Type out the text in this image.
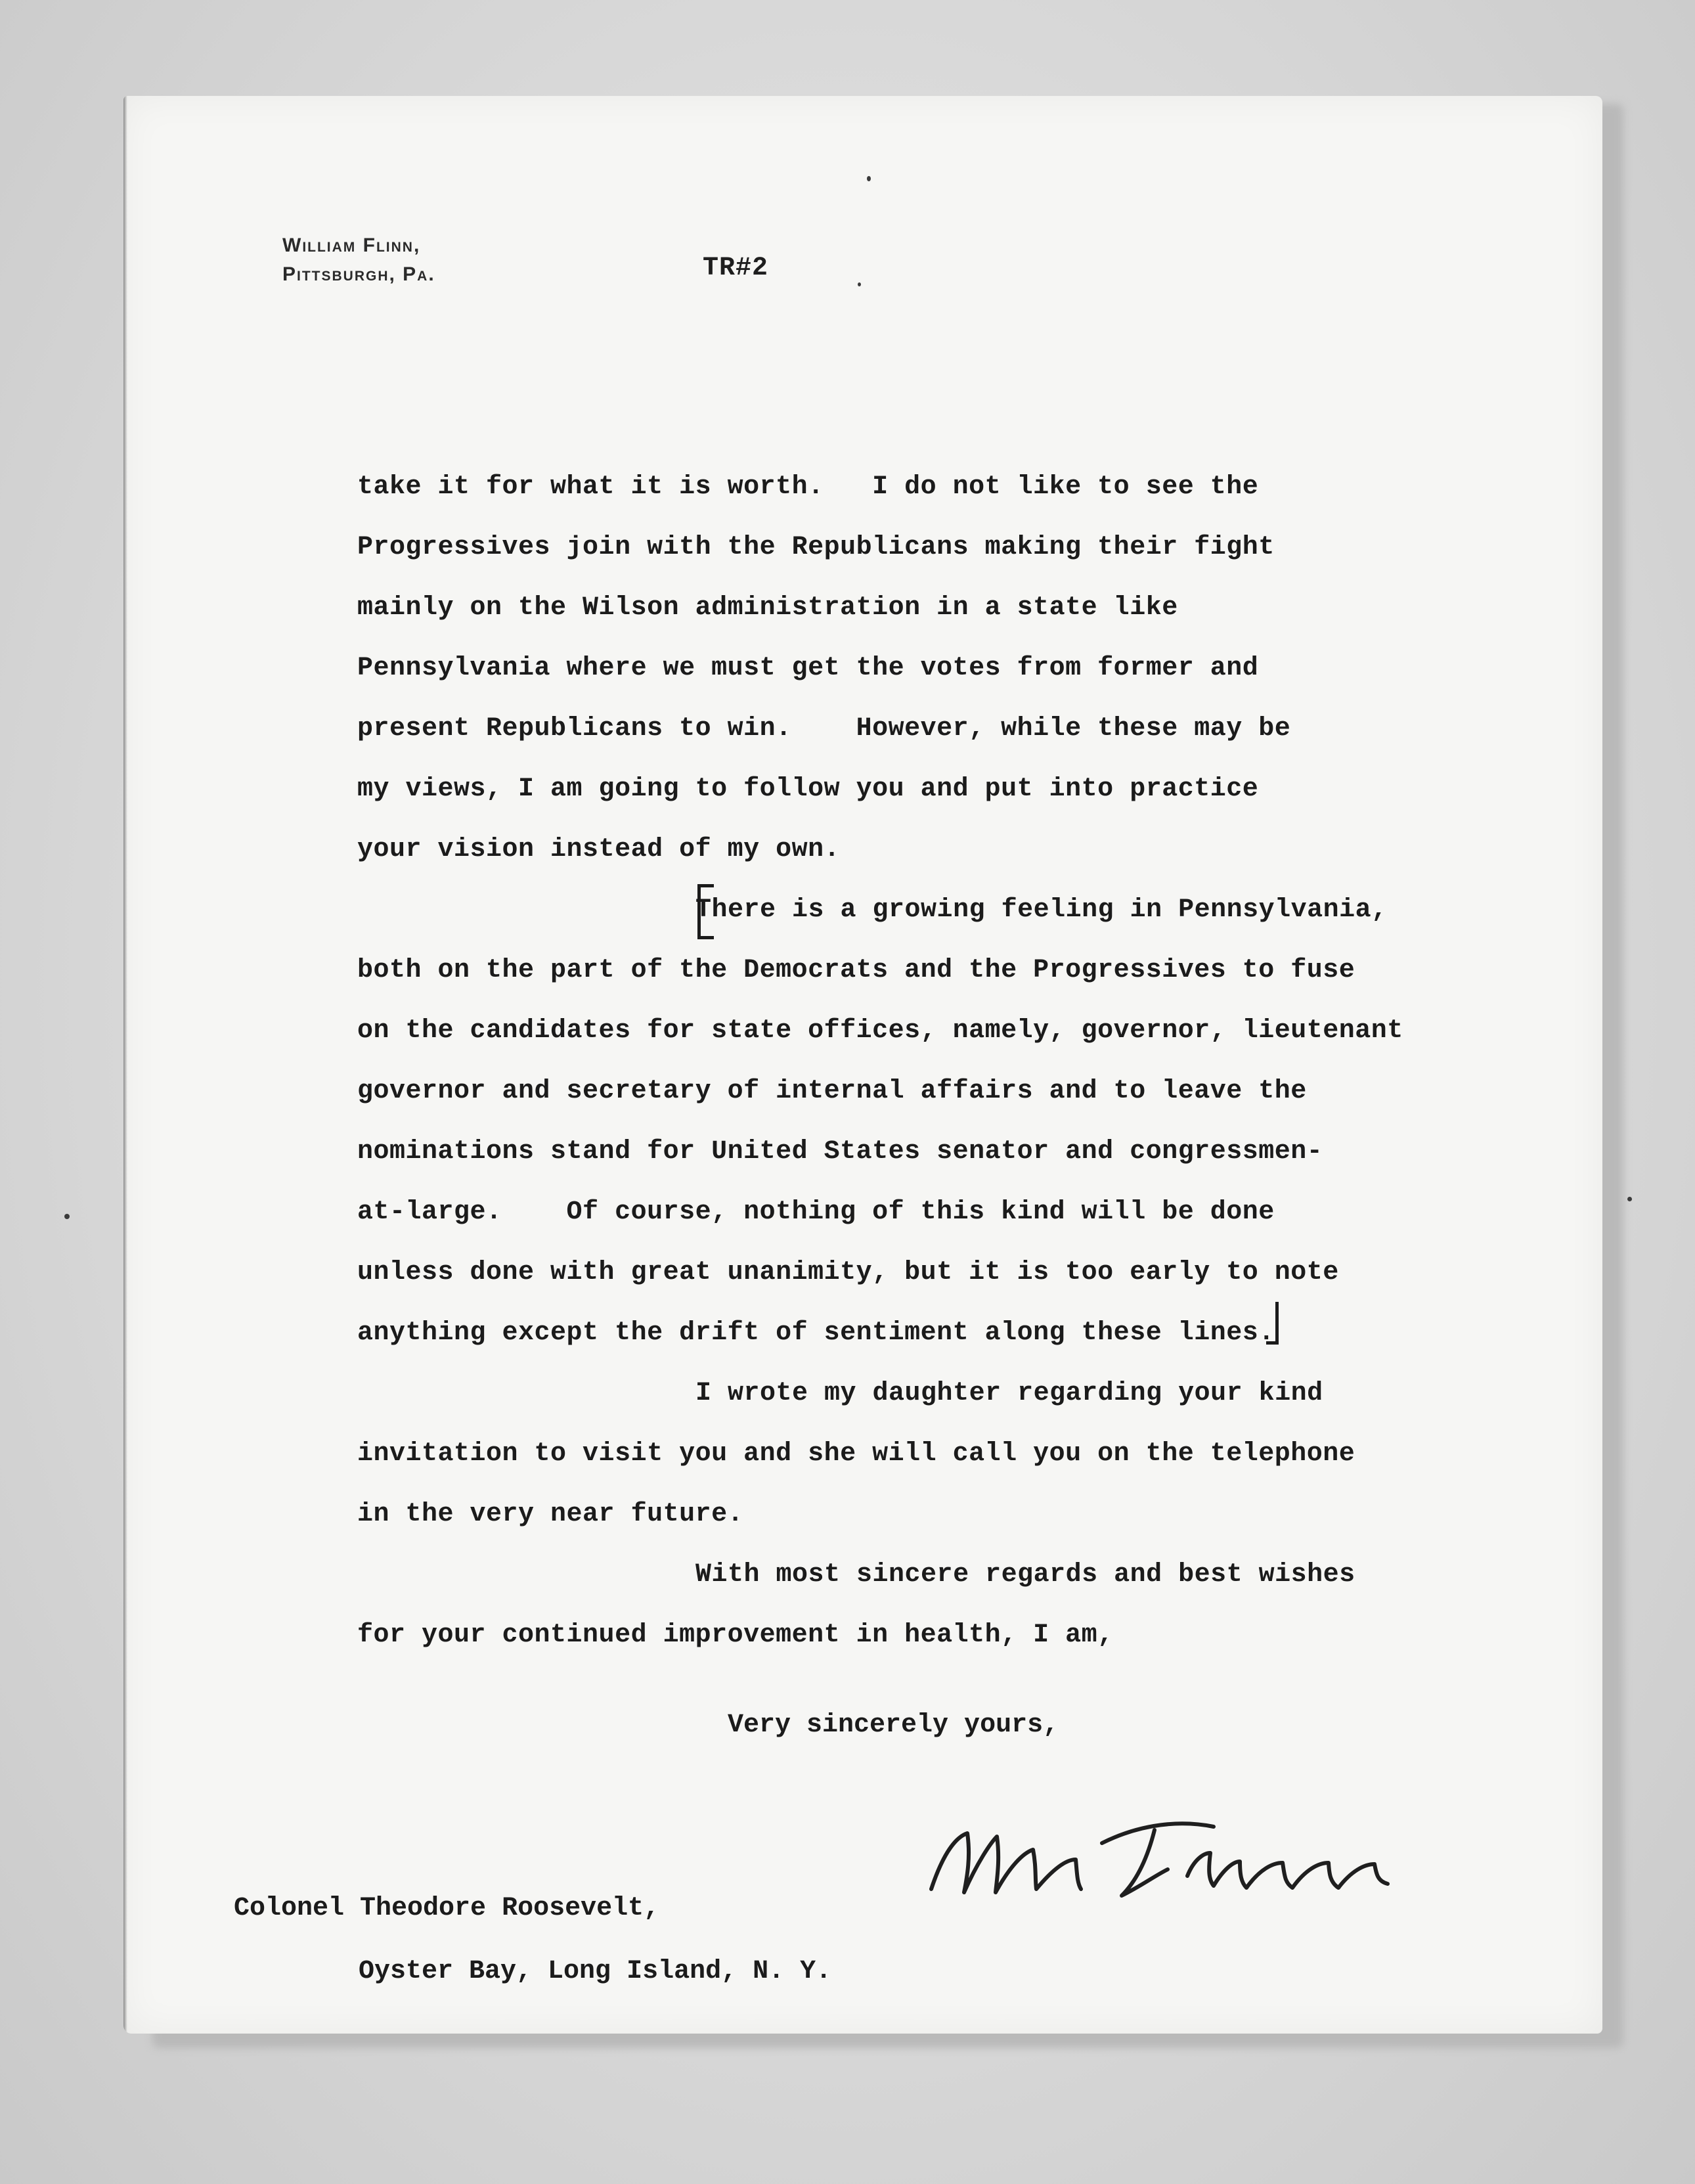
William Flinn,
Pittsburgh, Pa.	TR#2
take it for what it is worth.   I do not like to see the
Progressives join with the Republicans making their fight
mainly on the Wilson administration in a state like
Pennsylvania where we must get the votes from former and
present Republicans to win.    However, while these may be
my views, I am going to follow you and put into practice
your vision instead of my own.
There is a growing feeling in Pennsylvania,
both on the part of the Democrats and the Progressives to fuse
on the candidates for state offices, namely, governor, lieutenant
governor and secretary of internal affairs and to leave the
nominations stand for United States senator and congressmen-
at-large.    Of course, nothing of this kind will be done
unless done with great unanimity, but it is too early to note
anything except the drift of sentiment along these lines.
I wrote my daughter regarding your kind
invitation to visit you and she will call you on the telephone
in the very near future.
With most sincere regards and best wishes
for your continued improvement in health, I am,
Very sincerely yours,
Colonel Theodore Roosevelt,
Oyster Bay, Long Island, N. Y.
